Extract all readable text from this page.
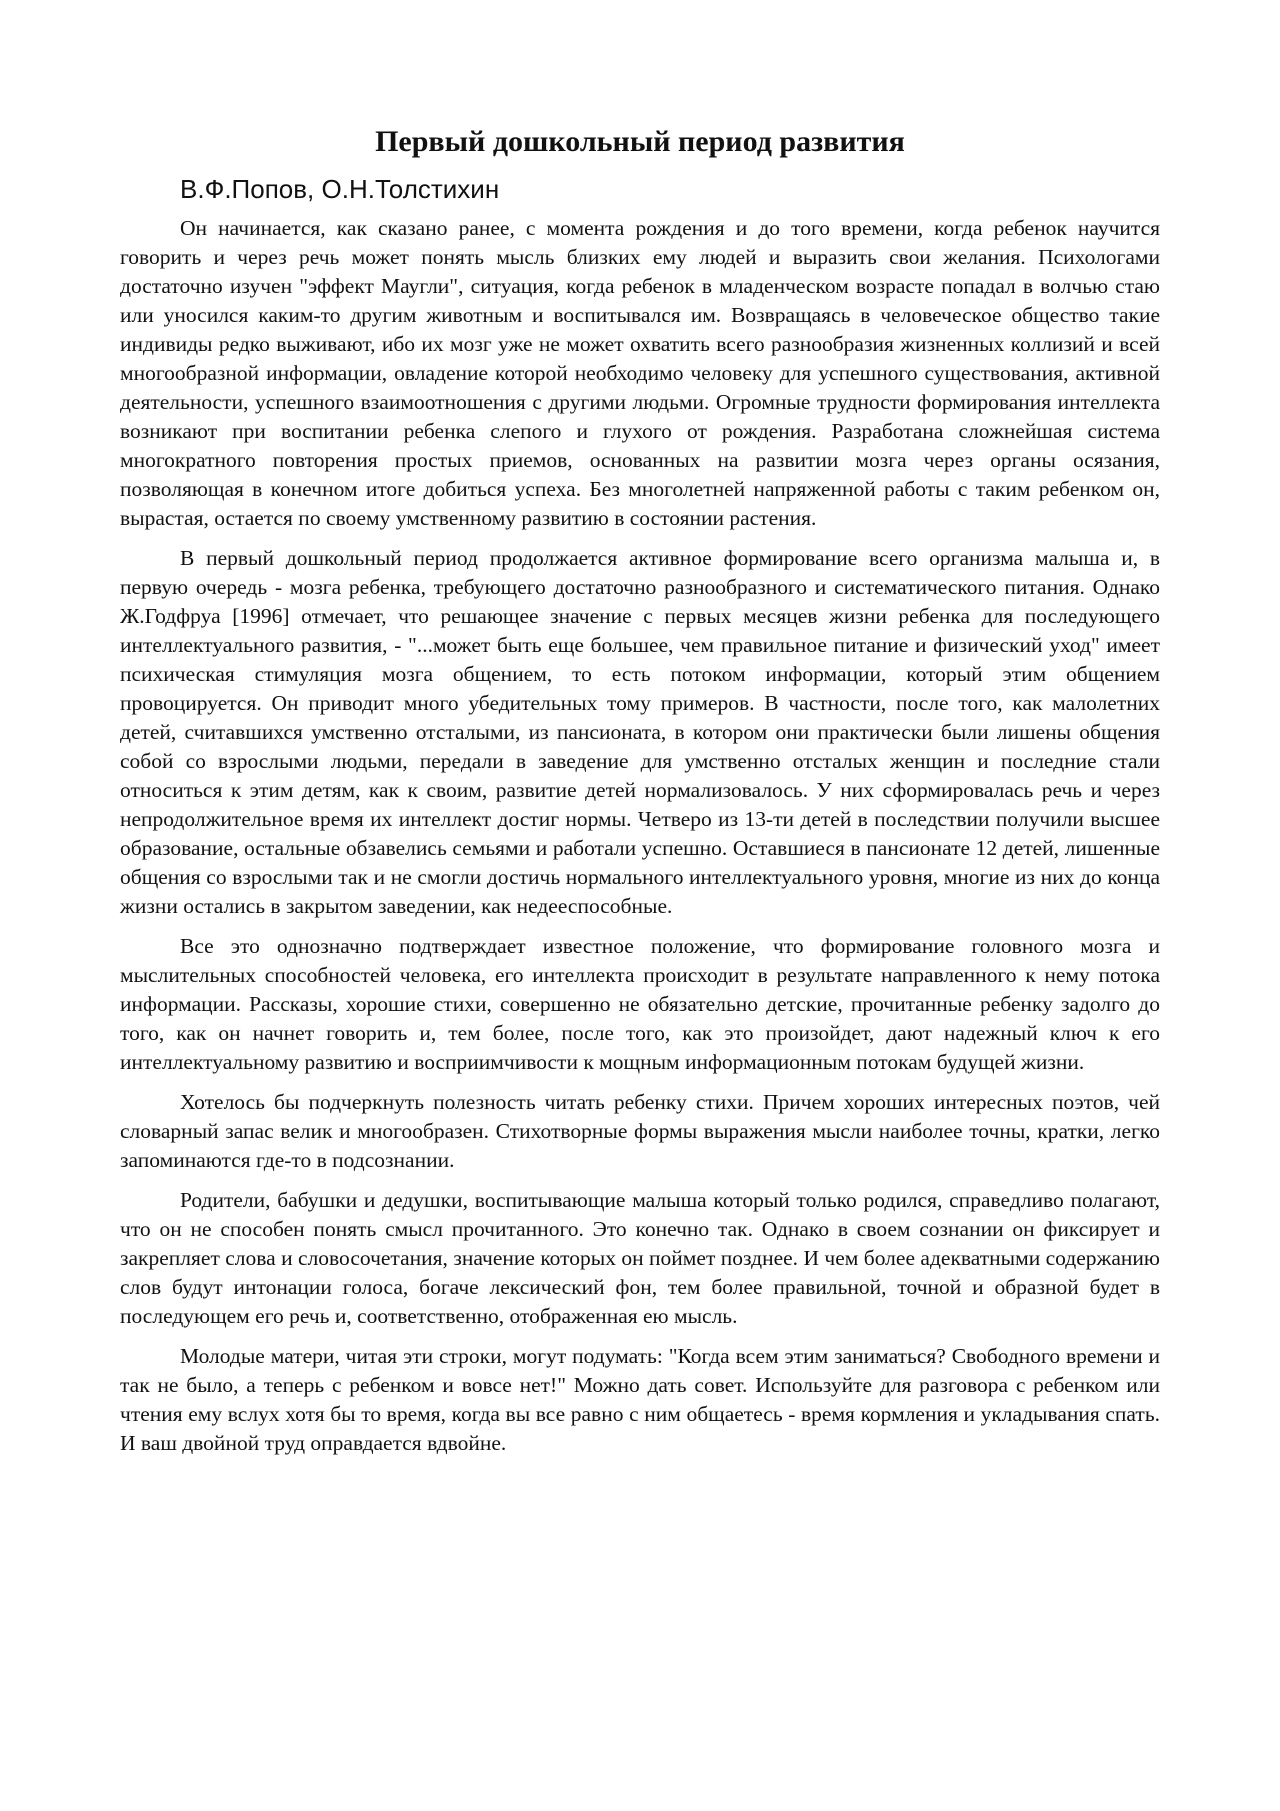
Первый дошкольный период развития
В.Ф.Попов, О.Н.Толстихин

Он начинается, как сказано ранее, с момента рождения и до того времени, когда ребенок научится говорить и через речь может понять мысль близких ему людей и выразить свои желания. Психологами достаточно изучен "эффект Маугли", ситуация, когда ребенок в младенческом возрасте попадал в волчью стаю или уносился каким-то другим животным и воспитывался им. Возвращаясь в человеческое общество такие индивиды редко выживают, ибо их мозг уже не может охватить всего разнообразия жизненных коллизий и всей многообразной информации, овладение которой необходимо человеку для успешного существования, активной деятельности, успешного взаимоотношения с другими людьми. Огромные трудности формирования интеллекта возникают при воспитании ребенка слепого и глухого от рождения. Разработана сложнейшая система многократного повторения простых приемов, основанных на развитии мозга через органы осязания, позволяющая в конечном итоге добиться успеха. Без многолетней напряженной работы с таким ребенком он, вырастая, остается по своему умственному развитию в состоянии растения.

В первый дошкольный период продолжается активное формирование всего организма малыша и, в первую очередь - мозга ребенка, требующего достаточно разнообразного и систематического питания. Однако Ж.Годфруа [1996] отмечает, что решающее значение с первых месяцев жизни ребенка для последующего интеллектуального развития, - "...может быть еще большее, чем правильное питание и физический уход" имеет психическая стимуляция мозга общением, то есть потоком информации, который этим общением провоцируется. Он приводит много убедительных тому примеров. В частности, после того, как малолетних детей, считавшихся умственно отсталыми, из пансионата, в котором они практически были лишены общения собой со взрослыми людьми, передали в заведение для умственно отсталых женщин и последние стали относиться к этим детям, как к своим, развитие детей нормализовалось. У них сформировалась речь и через непродолжительное время их интеллект достиг нормы. Четверо из 13-ти детей в последствии получили высшее образование, остальные обзавелись семьями и работали успешно. Оставшиеся в пансионате 12 детей, лишенные общения со взрослыми так и не смогли достичь нормального интеллектуального уровня, многие из них до конца жизни остались в закрытом заведении, как недееспособные.

Все это однозначно подтверждает известное положение, что формирование головного мозга и мыслительных способностей человека, его интеллекта происходит в результате направленного к нему потока информации. Рассказы, хорошие стихи, совершенно не обязательно детские, прочитанные ребенку задолго до того, как он начнет говорить и, тем более, после того, как это произойдет, дают надежный ключ к его интеллектуальному развитию и восприимчивости к мощным информационным потокам будущей жизни.

Хотелось бы подчеркнуть полезность читать ребенку стихи. Причем хороших интересных поэтов, чей словарный запас велик и многообразен. Стихотворные формы выражения мысли наиболее точны, кратки, легко запоминаются где-то в подсознании.

Родители, бабушки и дедушки, воспитывающие малыша который только родился, справедливо полагают, что он не способен понять смысл прочитанного. Это конечно так. Однако в своем сознании он фиксирует и закрепляет слова и словосочетания, значение которых он поймет позднее. И чем более адекватными содержанию слов будут интонации голоса, богаче лексический фон, тем более правильной, точной и образной будет в последующем его речь и, соответственно, отображенная ею мысль.

Молодые матери, читая эти строки, могут подумать: "Когда всем этим заниматься? Свободного времени и так не было, а теперь с ребенком и вовсе нет!" Можно дать совет. Используйте для разговора с ребенком или чтения ему вслух хотя бы то время, когда вы все равно с ним общаетесь - время кормления и укладывания спать. И ваш двойной труд оправдается вдвойне.
